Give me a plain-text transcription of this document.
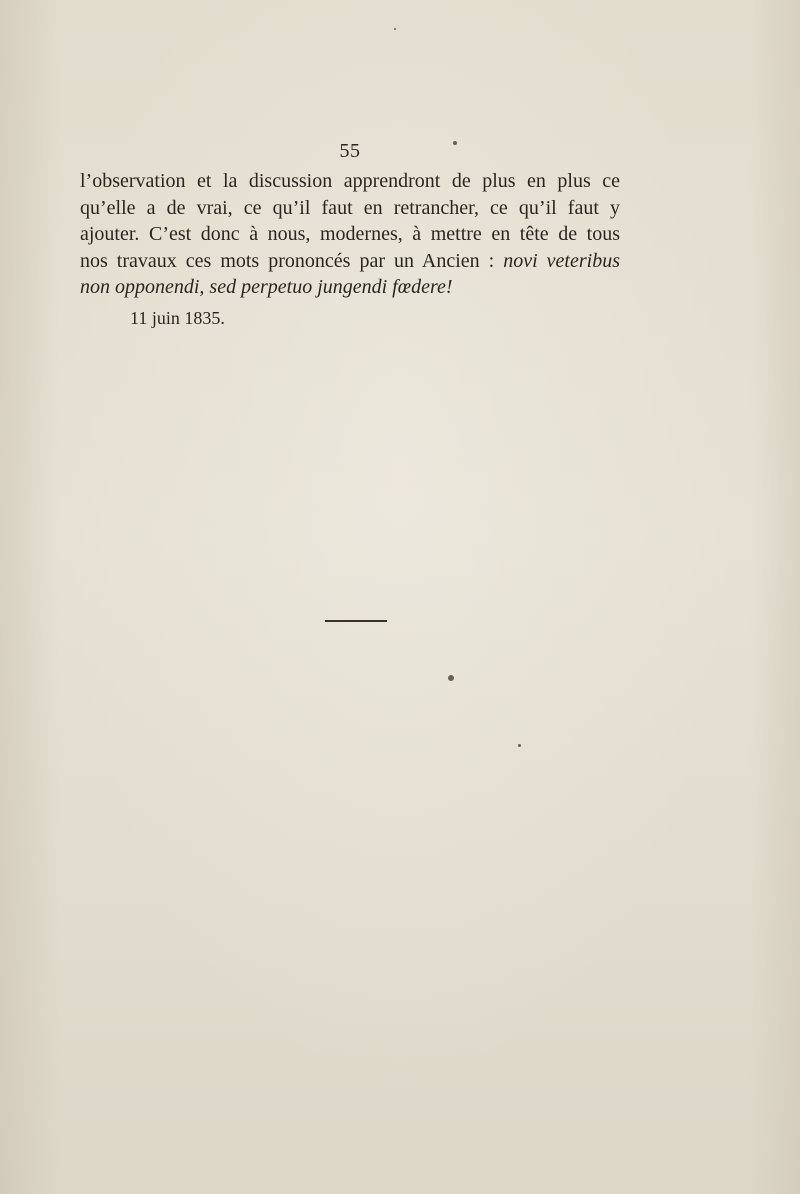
55
l’observation et la discussion apprendront de plus en plus ce
qu’elle a de vrai, ce qu’il faut en retrancher, ce qu’il faut y
ajouter. C’est donc à nous, modernes, à mettre en tête de tous
nos travaux ces mots prononcés par un Ancien : novi veteribus
non opponendi, sed perpetuo jungendi fœdere!
11 juin 1835.
